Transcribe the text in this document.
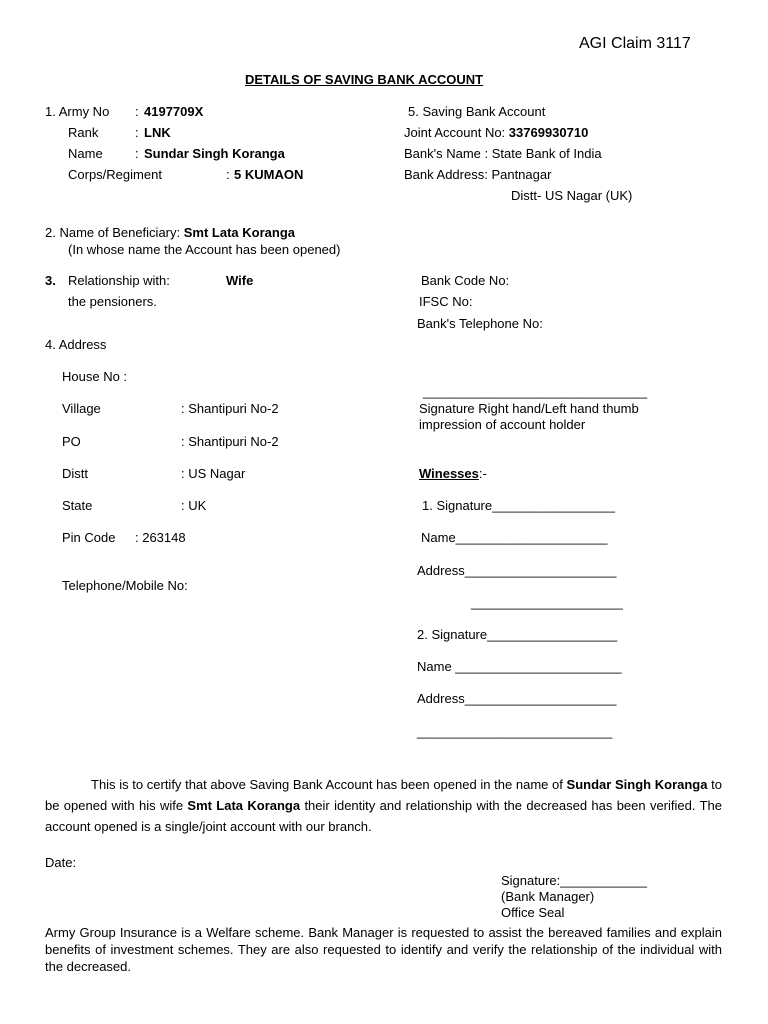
AGI Claim 3117
DETAILS OF SAVING BANK ACCOUNT
1. Army No : 4197709X
Rank	: LNK
Name : Sundar Singh Koranga
Corps/Regiment	: 5 KUMAON
5. Saving Bank Account
Joint Account No: 33769930710
Bank's Name : State Bank of India
Bank Address: Pantnagar
Distt- US Nagar (UK)
2. Name of Beneficiary: Smt Lata Koranga
(In whose name the Account has been opened)
3. Relationship with:	Wife
the pensioners.
Bank Code No:
IFSC No:
Bank's Telephone No:
4. Address
House No :
Village	: Shantipuri No-2
PO	: Shantipuri No-2
Distt	: US Nagar
State	: UK
Pin Code : 263148
Telephone/Mobile No:
_______________________________
Signature Right hand/Left hand thumb
impression of account holder
Winesses:-
1. Signature_________________
Name_____________________
Address_____________________
_____________________
2. Signature__________________
Name _______________________
Address_____________________
___________________________

This is to certify that above Saving Bank Account has been opened in the name of Sundar Singh Koranga to be opened with his wife Smt Lata Koranga their identity and relationship with the decreased has been verified. The account opened is a single/joint account with our branch.

Date:
Signature:____________
(Bank Manager)
Office Seal

Army Group Insurance is a Welfare scheme. Bank Manager is requested to assist the bereaved families and explain benefits of investment schemes. They are also requested to identify and verify the relationship of the individual with the decreased.
